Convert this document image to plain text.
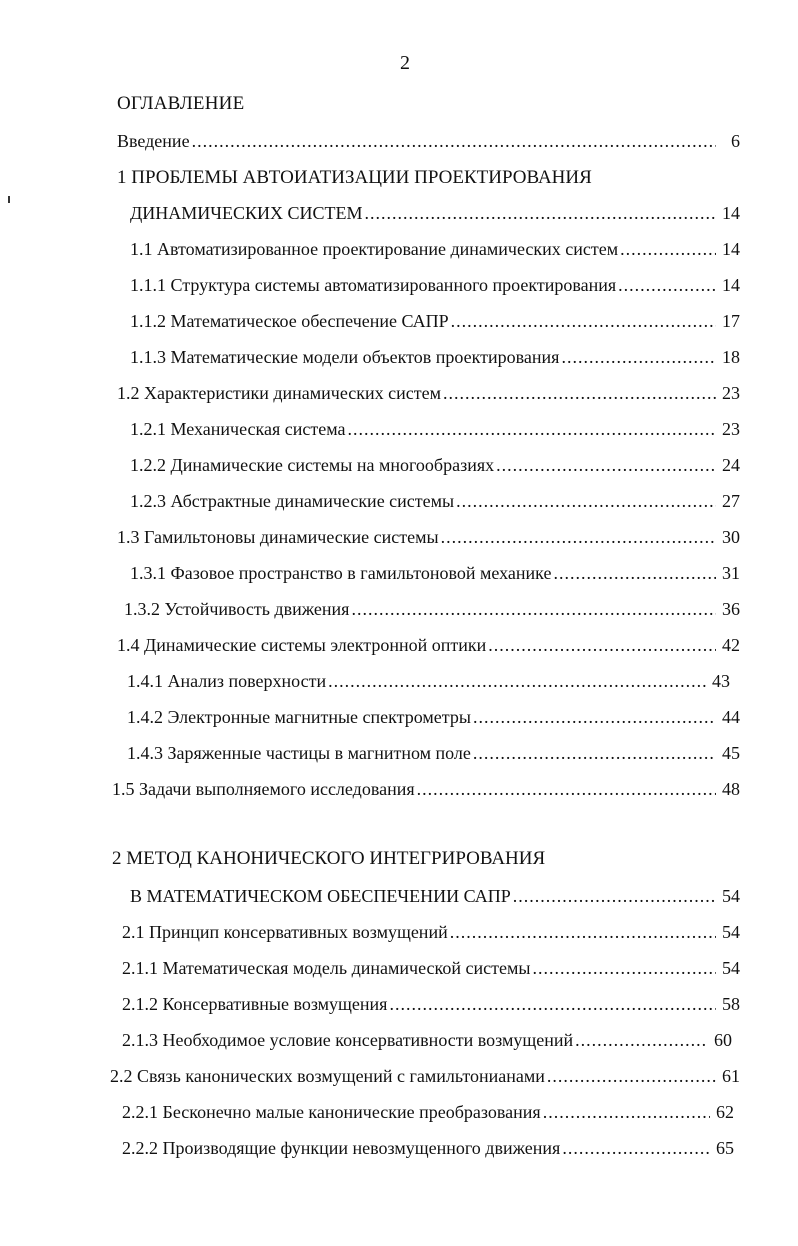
2
ОГЛАВЛЕНИЕ
Введение .....	6
1 ПРОБЛЕМЫ АВТОИАТИЗАЦИИ ПРОЕКТИРОВАНИЯ
ДИНАМИЧЕСКИХ СИСТЕМ .....	14
1.1 Автоматизированное проектирование динамических систем .....	14
1.1.1 Структура системы автоматизированного проектирования .....	14
1.1.2 Математическое обеспечение САПР .....	17
1.1.3 Математические модели объектов проектирования .....	18
1.2 Характеристики динамических систем .....	23
1.2.1 Механическая система .....	23
1.2.2 Динамические системы на многообразиях .....	24
1.2.3 Абстрактные динамические системы .....	27
1.3 Гамильтоновы динамические системы .....	30
1.3.1 Фазовое пространство в гамильтоновой механике .....	31
1.3.2 Устойчивость движения .....	36
1.4 Динамические системы электронной оптики .....	42
1.4.1 Анализ поверхности .....	43
1.4.2 Электронные магнитные спектрометры .....	44
1.4.3 Заряженные частицы в магнитном поле .....	45
1.5 Задачи выполняемого исследования .....	48
2 МЕТОД КАНОНИЧЕСКОГО ИНТЕГРИРОВАНИЯ
В МАТЕМАТИЧЕСКОМ ОБЕСПЕЧЕНИИ САПР .....	54
2.1 Принцип консервативных возмущений .....	54
2.1.1 Математическая модель динамической системы .....	54
2.1.2 Консервативные возмущения .....	58
2.1.3 Необходимое условие консервативности возмущений .....	60
2.2 Связь канонических возмущений с гамильтонианами .....	61
2.2.1 Бесконечно малые канонические преобразования .....	62
2.2.2 Производящие функции невозмущенного движения .....	65
